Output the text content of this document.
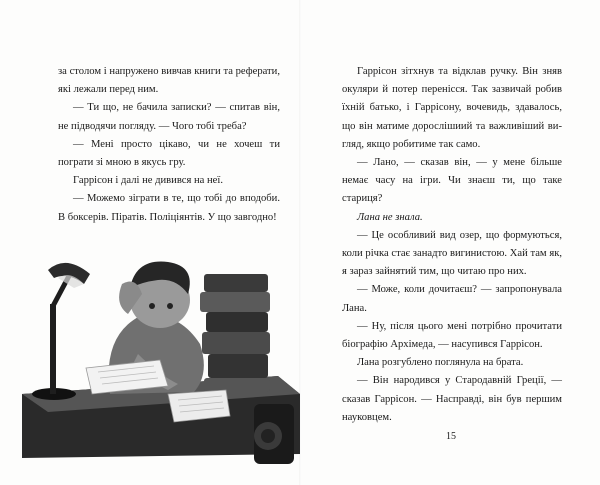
за столом і напружено вивчав книги та реферати, які лежали перед ним.

— Ти що, не бачила записки? — спитав він, не підводячи погляду. — Чого тобі треба?

— Мені просто цікаво, чи не хочеш ти пограти зі мною в якусь гру.

Гаррісон і далі не дивився на неї.

— Можемо зіграти в те, що тобі до вподоби. В боксерів. Піратів. Поліціянтів. У що завгодно!

Гаррісон зітхнув та відклав ручку. Він зняв окуляри й потер перенісся. Так зазвичай робив їхній батько, і Гаррісону, вочевидь, здавалось, що він матиме дорослішиий та важливіший вигляд, якщо робитиме так само.

— Лано, — сказав він, — у мене більше немає часу на ігри. Чи знаєш ти, що таке стариця?

Лана не знала.

— Це особливий вид озер, що формуються, коли річка стає занадто вигинистою. Хай там як, я зараз зайнятий тим, що читаю про них.

— Може, коли дочитаєш? — запропонувала Лана.

— Ну, після цього мені потрібно прочитати біографію Архімеда, — насупився Гаррісон.

Лана розгублено поглянула на брата.

— Він народився у Стародавній Греції, — сказав Гаррісон. — Насправді, він був першим науковцем.

15
